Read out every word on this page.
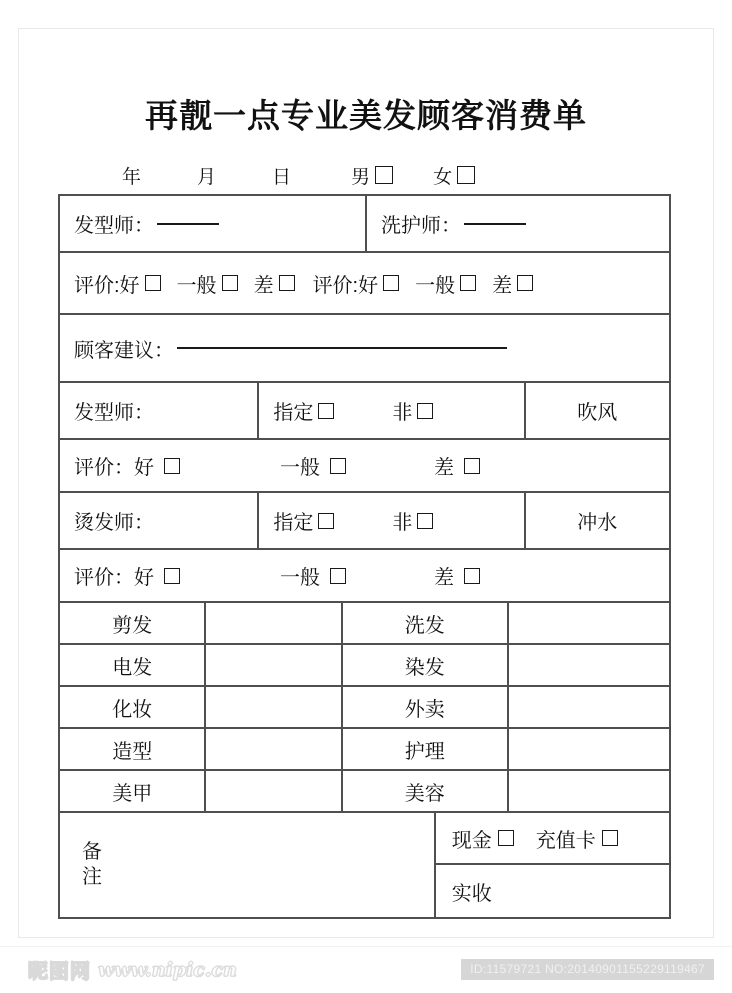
再靓一点专业美发顾客消费单
年	月	日	男	女
发型师：	洗护师：
评价:好 一般 差 评价:好 一般 差
顾客建议：
发型师：	指定	非	吹风
评价：好	一般	差
烫发师：	指定	非	冲水
评价：好	一般	差
剪发	洗发
电发	染发
化妆	外卖
造型	护理
美甲	美容
备
注
现金 充值卡
实收
昵图网 www.nipic.cn	ID:11579721 NO:20140901155229119467
